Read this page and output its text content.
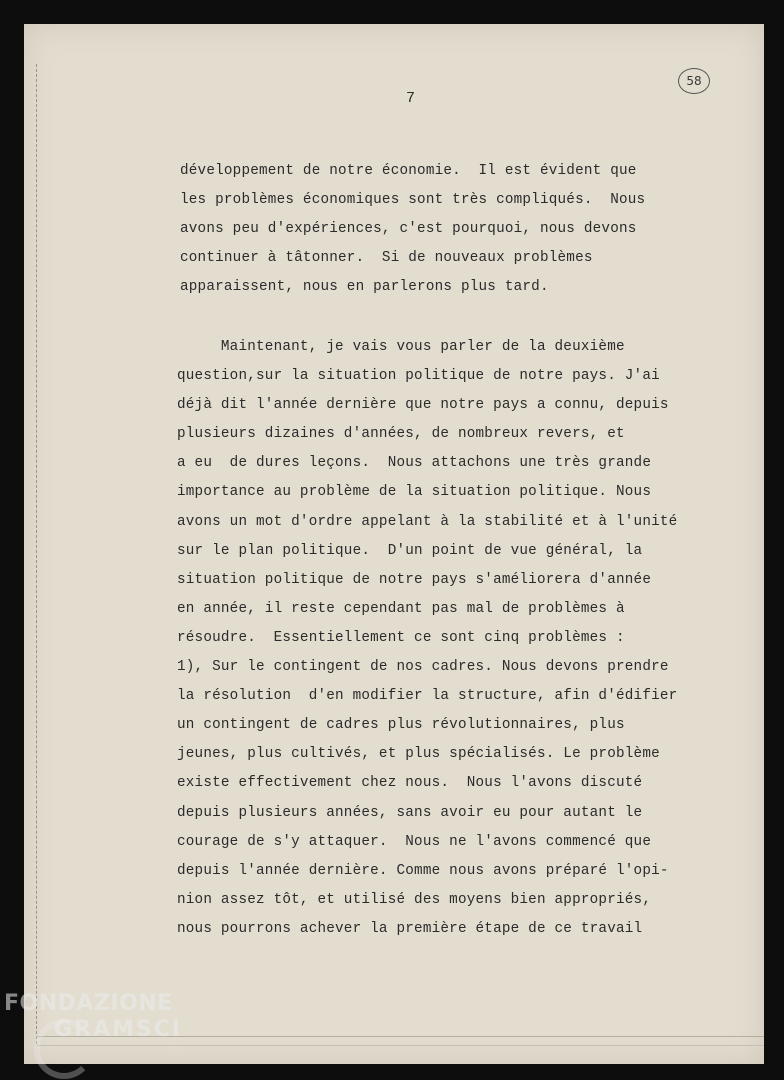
7
58
développement de notre économie.  Il est évident que
les problèmes économiques sont très compliqués.  Nous
avons peu d'expériences, c'est pourquoi, nous devons
continuer à tâtonner.  Si de nouveaux problèmes
apparaissent, nous en parlerons plus tard.
Maintenant, je vais vous parler de la deuxième
question,sur la situation politique de notre pays. J'ai
déjà dit l'année dernière que notre pays a connu, depuis
plusieurs dizaines d'années, de nombreux revers, et
a eu  de dures leçons.  Nous attachons une très grande
importance au problème de la situation politique. Nous
avons un mot d'ordre appelant à la stabilité et à l'unité
sur le plan politique.  D'un point de vue général, la
situation politique de notre pays s'améliorera d'année
en année, il reste cependant pas mal de problèmes à
résoudre.  Essentiellement ce sont cinq problèmes :
1), Sur le contingent de nos cadres. Nous devons prendre
la résolution  d'en modifier la structure, afin d'édifier
un contingent de cadres plus révolutionnaires, plus
jeunes, plus cultivés, et plus spécialisés. Le problème
existe effectivement chez nous.  Nous l'avons discuté
depuis plusieurs années, sans avoir eu pour autant le
courage de s'y attaquer.  Nous ne l'avons commencé que
depuis l'année dernière. Comme nous avons préparé l'opi-
nion assez tôt, et utilisé des moyens bien appropriés,
nous pourrons achever la première étape de ce travail
FONDAZIONE
GRAMSCI
onlus
